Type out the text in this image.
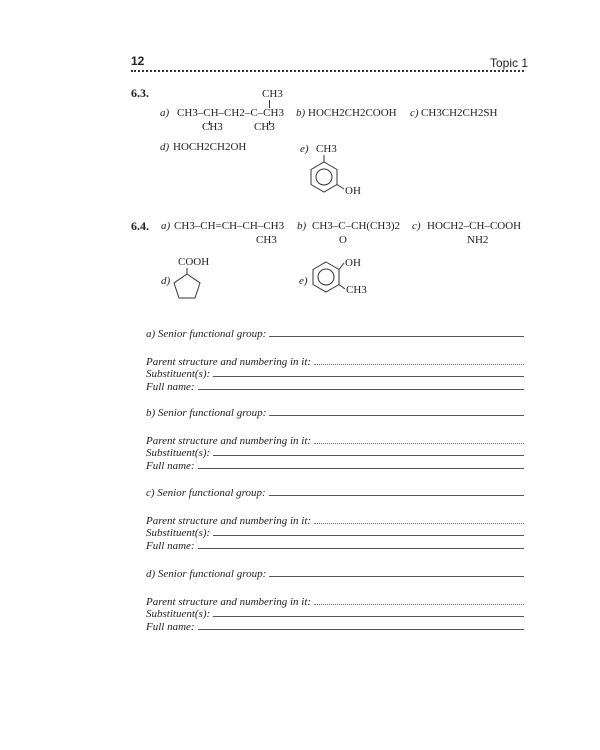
12	Topic 1
6.3.	CH3
a) CH3–CH–CH2–C–CH3
CH3	CH3
b) HOCH2CH2COOH c) CH3CH2CH2SH
d) HOCH2CH2OH	e) CH3
OH
6.4. a) CH3–CH=CH–CH–CH3
CH3
b) CH3–C–CH(CH3)2
O
c) HOCH2–CH–COOH
NH2
COOH
d)	e)
OH
CH3
a) Senior functional group:
Parent structure and numbering in it:
Substituent(s):
Full name:
b) Senior functional group:
Parent structure and numbering in it:
Substituent(s):
Full name:
c) Senior functional group:
Parent structure and numbering in it:
Substituent(s):
Full name:
d) Senior functional group:
Parent structure and numbering in it:
Substituent(s):
Full name:
